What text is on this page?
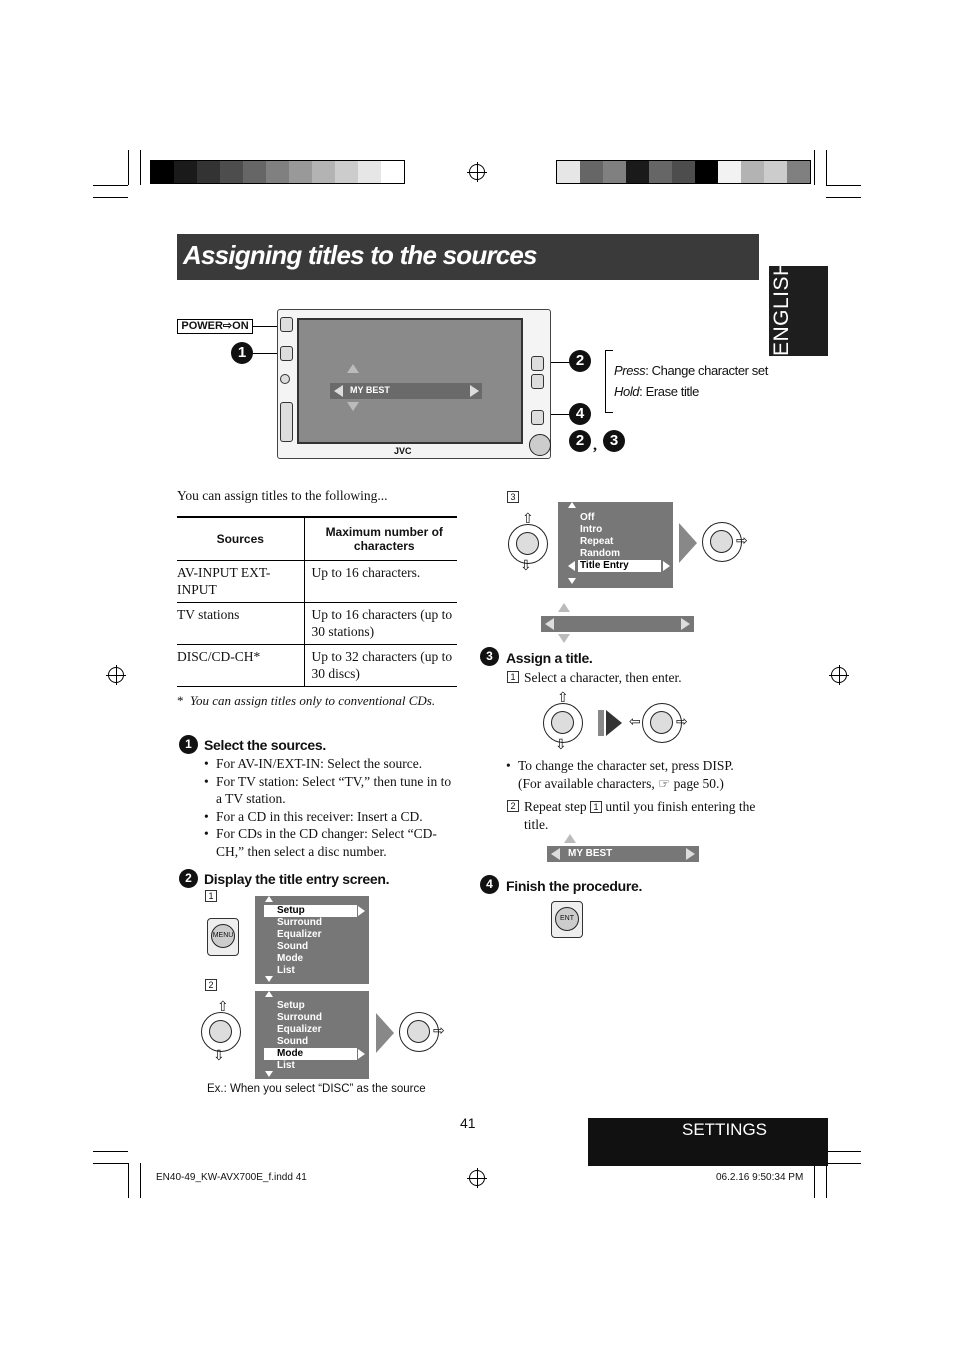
Assigning titles to the sources
ENGLISH
POWER⇨ON
1
MY BEST
JVC
2
4
2 , 3
Press: Change character set
Hold: Erase title
You can assign titles to the following...
Sources	Maximum number of characters
AV-INPUT EXT-INPUT	Up to 16 characters.
TV stations	Up to 16 characters (up to 30 stations)
DISC/CD-CH*	Up to 32 characters (up to 30 discs)
* You can assign titles only to conventional CDs.
1 Select the sources.
• For AV-IN/EXT-IN: Select the source.
• For TV station: Select “TV,” then tune in to a TV station.
• For a CD in this receiver: Insert a CD.
• For CDs in the CD changer: Select “CD-CH,” then select a disc number.
2 Display the title entry screen.
1
MENU
Setup
Surround
Equalizer
Sound
Mode
List
2
⇧
⇩
Setup
Surround
Equalizer
Sound
Mode
List
⇨
Ex.: When you select “DISC” as the source
3
⇧
⇩
Off
Intro
Repeat
Random
Title Entry
⇨
3 Assign a title.
1 Select a character, then enter.
⇧
⇩
⇨
⇦
• To change the character set, press DISP. (For available characters, ☞ page 50.)
2 Repeat step 1 until you finish entering the title.
MY BEST
4 Finish the procedure.
ENT
41	SETTINGS
EN40-49_KW-AVX700E_f.indd 41	06.2.16 9:50:34 PM
